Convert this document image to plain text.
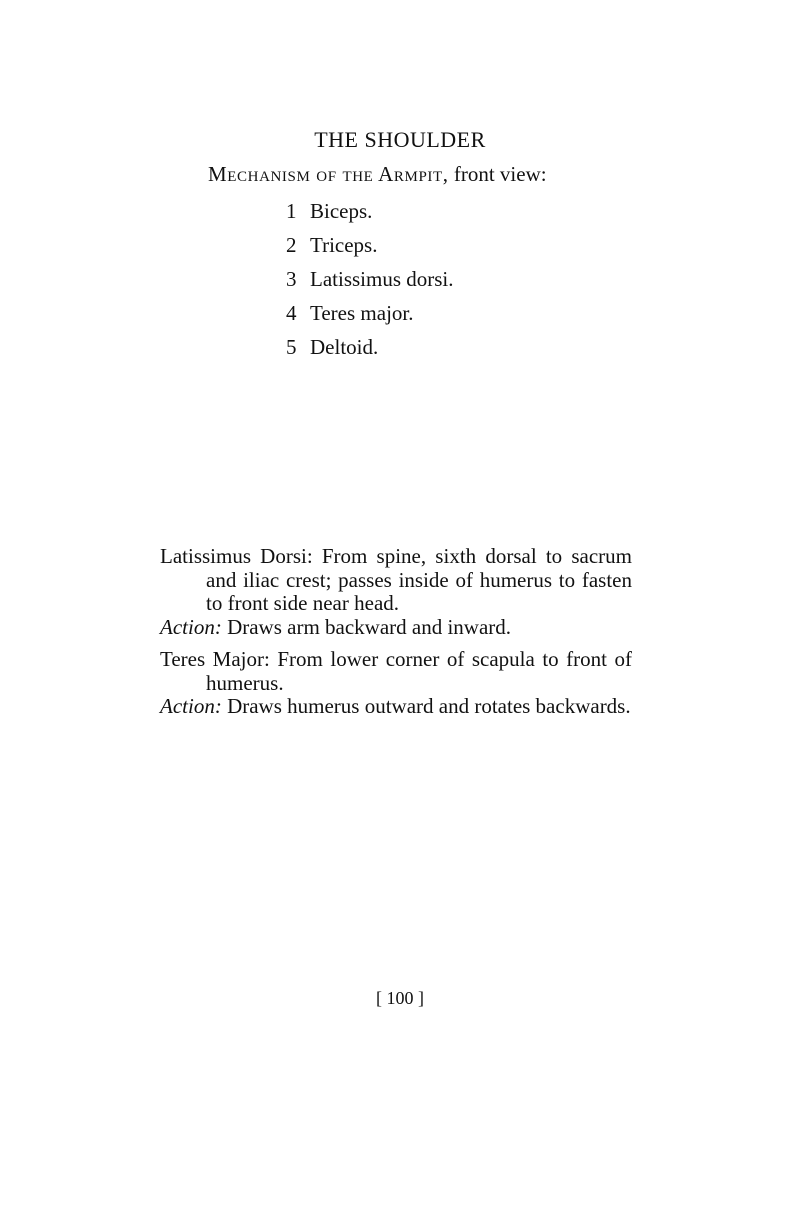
THE SHOULDER
Mechanism of the Armpit, front view:
1 Biceps.
2 Triceps.
3 Latissimus dorsi.
4 Teres major.
5 Deltoid.

Latissimus Dorsi: From spine, sixth dorsal to sacrum and iliac crest; passes inside of humerus to fasten to front side near head.

Action: Draws arm backward and inward.

Teres Major: From lower corner of scapula to front of humerus.

Action: Draws humerus outward and rotates backwards.

[ 100 ]
